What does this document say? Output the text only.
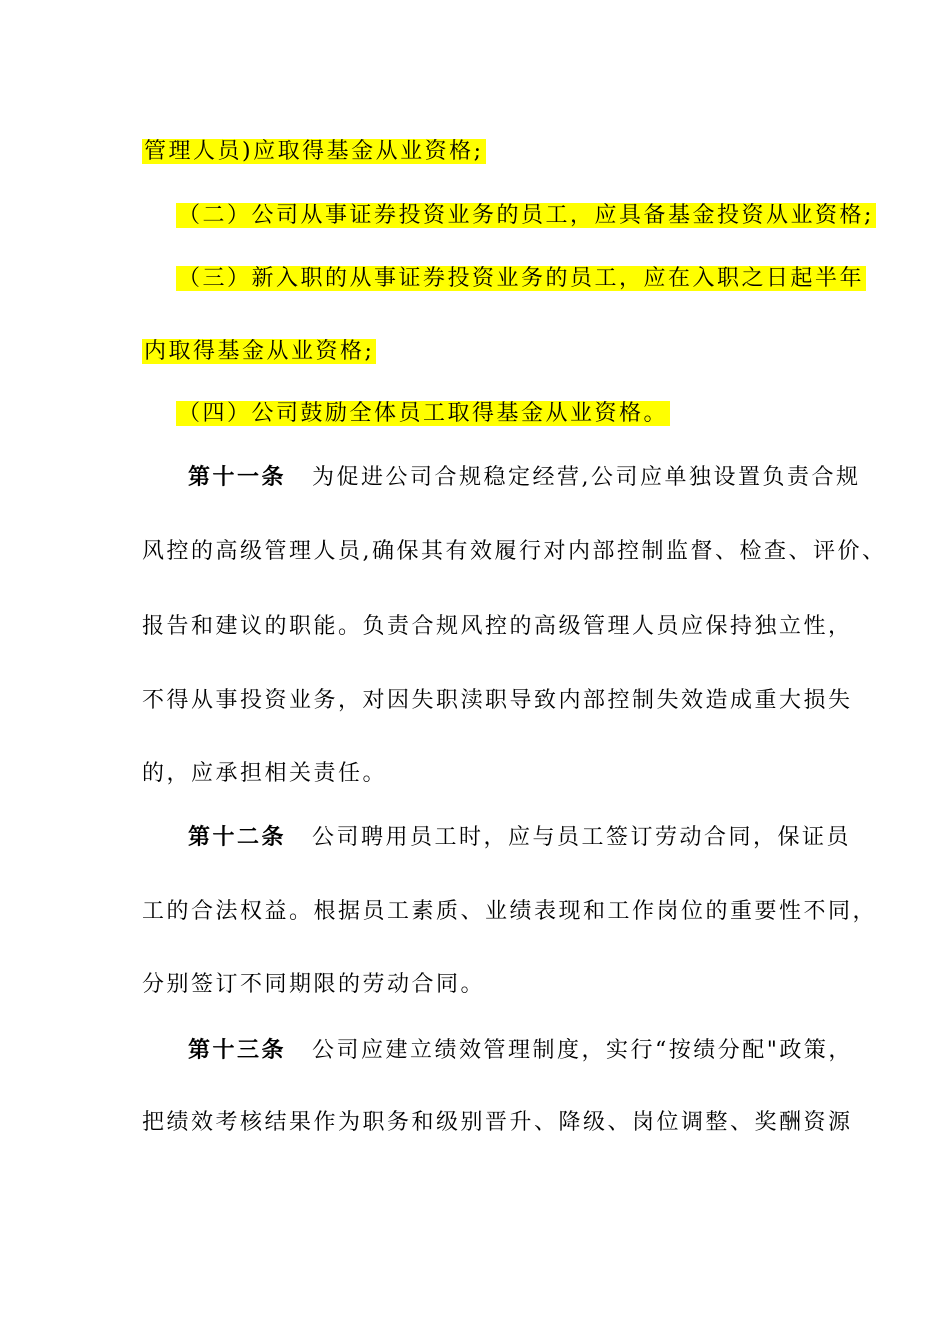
管理人员)应取得基金从业资格;
（二）公司从事证券投资业务的员工，应具备基金投资从业资格;
（三）新入职的从事证券投资业务的员工，应在入职之日起半年
内取得基金从业资格;
（四）公司鼓励全体员工取得基金从业资格。
第十一条 为促进公司合规稳定经营,公司应单独设置负责合规
风控的高级管理人员,确保其有效履行对内部控制监督、检查、评价、
报告和建议的职能。负责合规风控的高级管理人员应保持独立性，
不得从事投资业务，对因失职渎职导致内部控制失效造成重大损失
的，应承担相关责任。
第十二条 公司聘用员工时，应与员工签订劳动合同，保证员
工的合法权益。根据员工素质、业绩表现和工作岗位的重要性不同，
分别签订不同期限的劳动合同。
第十三条 公司应建立绩效管理制度，实行“按绩分配"政策，
把绩效考核结果作为职务和级别晋升、降级、岗位调整、奖酬资源
